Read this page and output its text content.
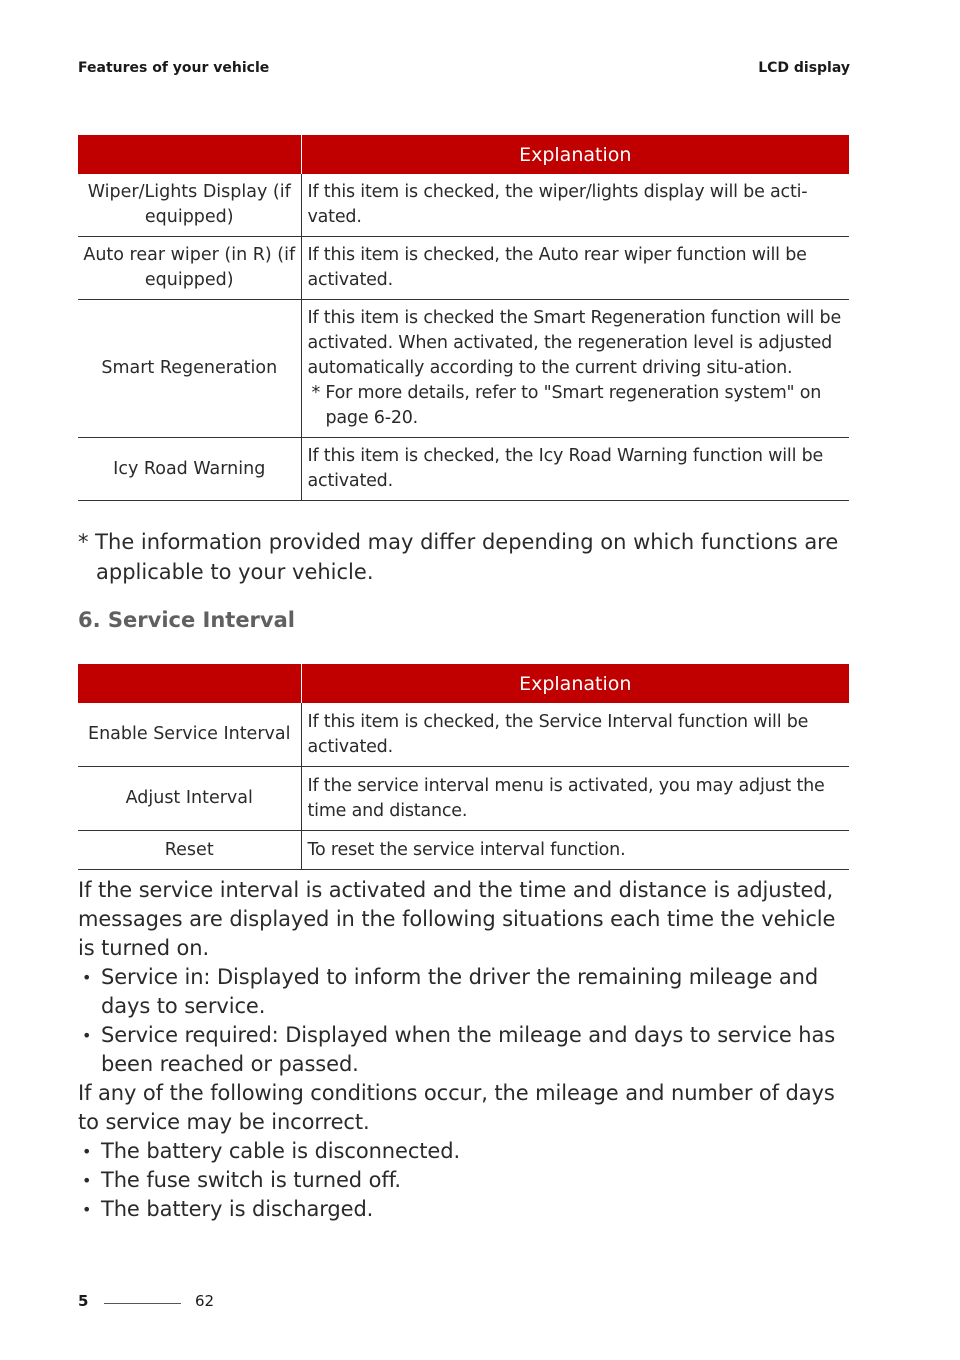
Features of your vehicle	LCD display
	Explanation
Wiper/Lights Display (if equipped)	If this item is checked, the wiper/lights display will be acti-vated.
Auto rear wiper (in R) (if equipped)	If this item is checked, the Auto rear wiper function will be activated.
Smart Regeneration	If this item is checked the Smart Regeneration function will be activated. When activated, the regeneration level is adjusted automatically according to the current driving situ-ation.
* For more details, refer to "Smart regeneration system" on page 6-20.

Icy Road Warning	If this item is checked, the Icy Road Warning function will be activated.
* The information provided may differ depending on which functions are applicable to your vehicle.
6. Service Interval
	Explanation
Enable Service Interval	If this item is checked, the Service Interval function will be activated.
Adjust Interval	If the service interval menu is activated, you may adjust the time and distance.
Reset	To reset the service interval function.

If the service interval is activated and the time and distance is adjusted, messages are displayed in the following situations each time the vehicle is turned on.

• Service in: Displayed to inform the driver the remaining mileage and days to service.

• Service required: Displayed when the mileage and days to service has been reached or passed.

If any of the following conditions occur, the mileage and number of days to service may be incorrect.

• The battery cable is disconnected.

• The fuse switch is turned off.

• The battery is discharged.

5	62
